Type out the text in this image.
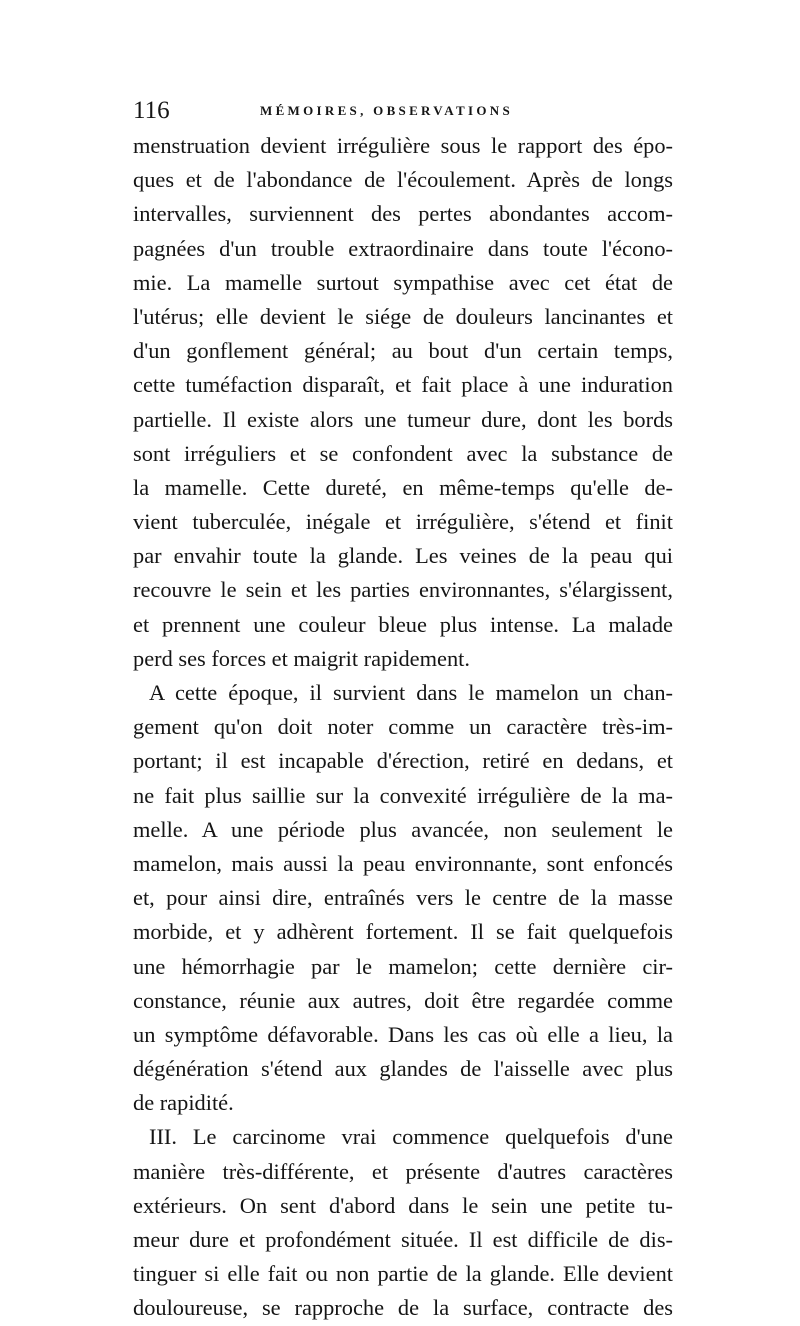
116	MÉMOIRES, OBSERVATIONS
menstruation devient irrégulière sous le rapport des épo-
ques et de l'abondance de l'écoulement. Après de longs
intervalles, surviennent des pertes abondantes accom-
pagnées d'un trouble extraordinaire dans toute l'écono-
mie. La mamelle surtout sympathise avec cet état de
l'utérus; elle devient le siége de douleurs lancinantes et
d'un gonflement général; au bout d'un certain temps,
cette tuméfaction disparaît, et fait place à une induration
partielle. Il existe alors une tumeur dure, dont les bords
sont irréguliers et se confondent avec la substance de
la mamelle. Cette dureté, en même-temps qu'elle de-
vient tuberculée, inégale et irrégulière, s'étend et finit
par envahir toute la glande. Les veines de la peau qui
recouvre le sein et les parties environnantes, s'élargissent,
et prennent une couleur bleue plus intense. La malade
perd ses forces et maigrit rapidement.
A cette époque, il survient dans le mamelon un chan-
gement qu'on doit noter comme un caractère très-im-
portant; il est incapable d'érection, retiré en dedans, et
ne fait plus saillie sur la convexité irrégulière de la ma-
melle. A une période plus avancée, non seulement le
mamelon, mais aussi la peau environnante, sont enfoncés
et, pour ainsi dire, entraînés vers le centre de la masse
morbide, et y adhèrent fortement. Il se fait quelquefois
une hémorrhagie par le mamelon; cette dernière cir-
constance, réunie aux autres, doit être regardée comme
un symptôme défavorable. Dans les cas où elle a lieu, la
dégénération s'étend aux glandes de l'aisselle avec plus
de rapidité.
III. Le carcinome vrai commence quelquefois d'une
manière très-différente, et présente d'autres caractères
extérieurs. On sent d'abord dans le sein une petite tu-
meur dure et profondément située. Il est difficile de dis-
tinguer si elle fait ou non partie de la glande. Elle devient
douloureuse, se rapproche de la surface, contracte des
